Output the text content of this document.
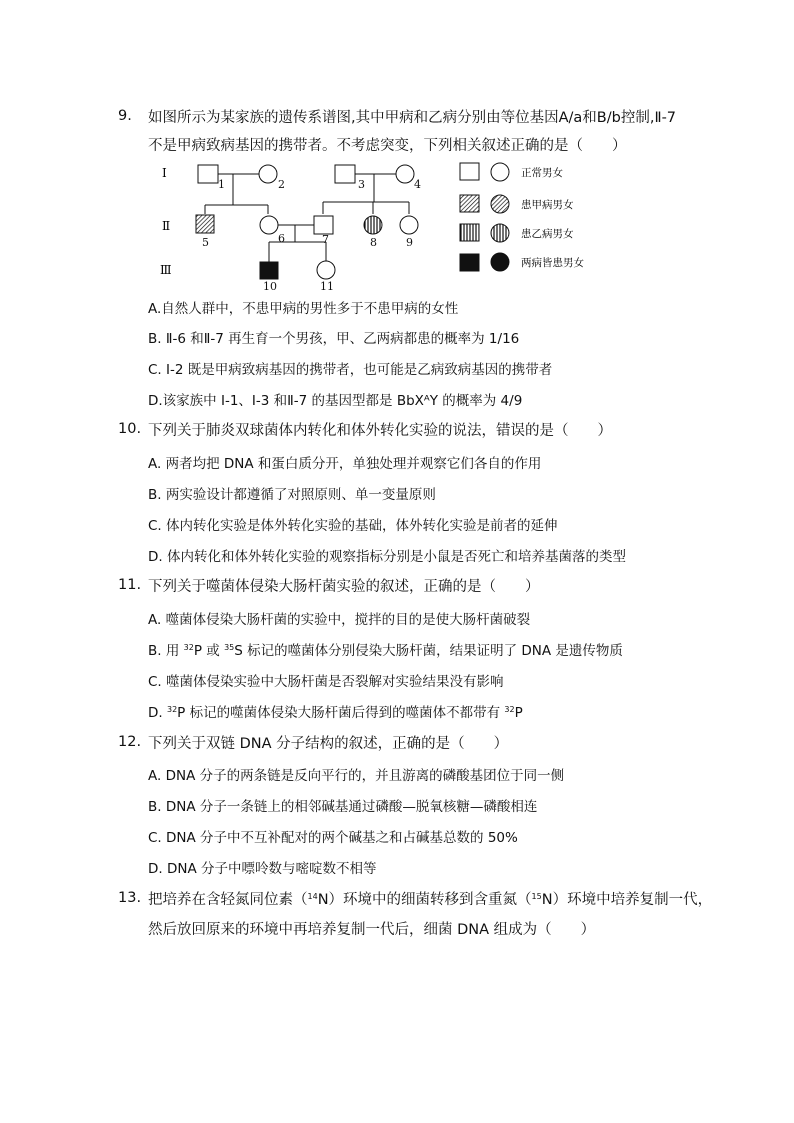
9. 如图所示为某家族的遗传系谱图,其中甲病和乙病分别由等位基因A/a和B/b控制,Ⅱ-7
不是甲病致病基因的携带者。不考虑突变，下列相关叙述正确的是（　　）
Ⅰ
Ⅱ
Ⅲ
1	2	3	4
5	6	7	8	9
10	11
正常男女
患甲病男女
患乙病男女
两病皆患男女
A.自然人群中，不患甲病的男性多于不患甲病的女性
B. Ⅱ-6 和Ⅱ-7 再生育一个男孩，甲、乙两病都患的概率为 1/16
C. Ⅰ-2 既是甲病致病基因的携带者，也可能是乙病致病基因的携带者
D.该家族中 Ⅰ-1、Ⅰ-3 和Ⅱ-7 的基因型都是 BbXᴬY 的概率为 4/9
10. 下列关于肺炎双球菌体内转化和体外转化实验的说法，错误的是（　　）
A. 两者均把 DNA 和蛋白质分开，单独处理并观察它们各自的作用
B. 两实验设计都遵循了对照原则、单一变量原则
C. 体内转化实验是体外转化实验的基础，体外转化实验是前者的延伸
D. 体内转化和体外转化实验的观察指标分别是小鼠是否死亡和培养基菌落的类型
11. 下列关于噬菌体侵染大肠杆菌实验的叙述，正确的是（　　）
A. 噬菌体侵染大肠杆菌的实验中，搅拌的目的是使大肠杆菌破裂
B. 用 $^{32}$P 或 $^{35}$S 标记的噬菌体分别侵染大肠杆菌，结果证明了 DNA 是遗传物质
C. 噬菌体侵染实验中大肠杆菌是否裂解对实验结果没有影响
D. $^{32}$P 标记的噬菌体侵染大肠杆菌后得到的噬菌体不都带有 $^{32}$P
12. 下列关于双链 DNA 分子结构的叙述，正确的是（　　）
A. DNA 分子的两条链是反向平行的，并且游离的磷酸基团位于同一侧
B. DNA 分子一条链上的相邻碱基通过磷酸—脱氧核糖—磷酸相连
C. DNA 分子中不互补配对的两个碱基之和占碱基总数的 50%
D. DNA 分子中嘌呤数与嘧啶数不相等
13. 把培养在含轻氮同位素（$^{14}$N）环境中的细菌转移到含重氮（$^{15}$N）环境中培养复制一代，
然后放回原来的环境中再培养复制一代后，细菌 DNA 组成为（　　）
